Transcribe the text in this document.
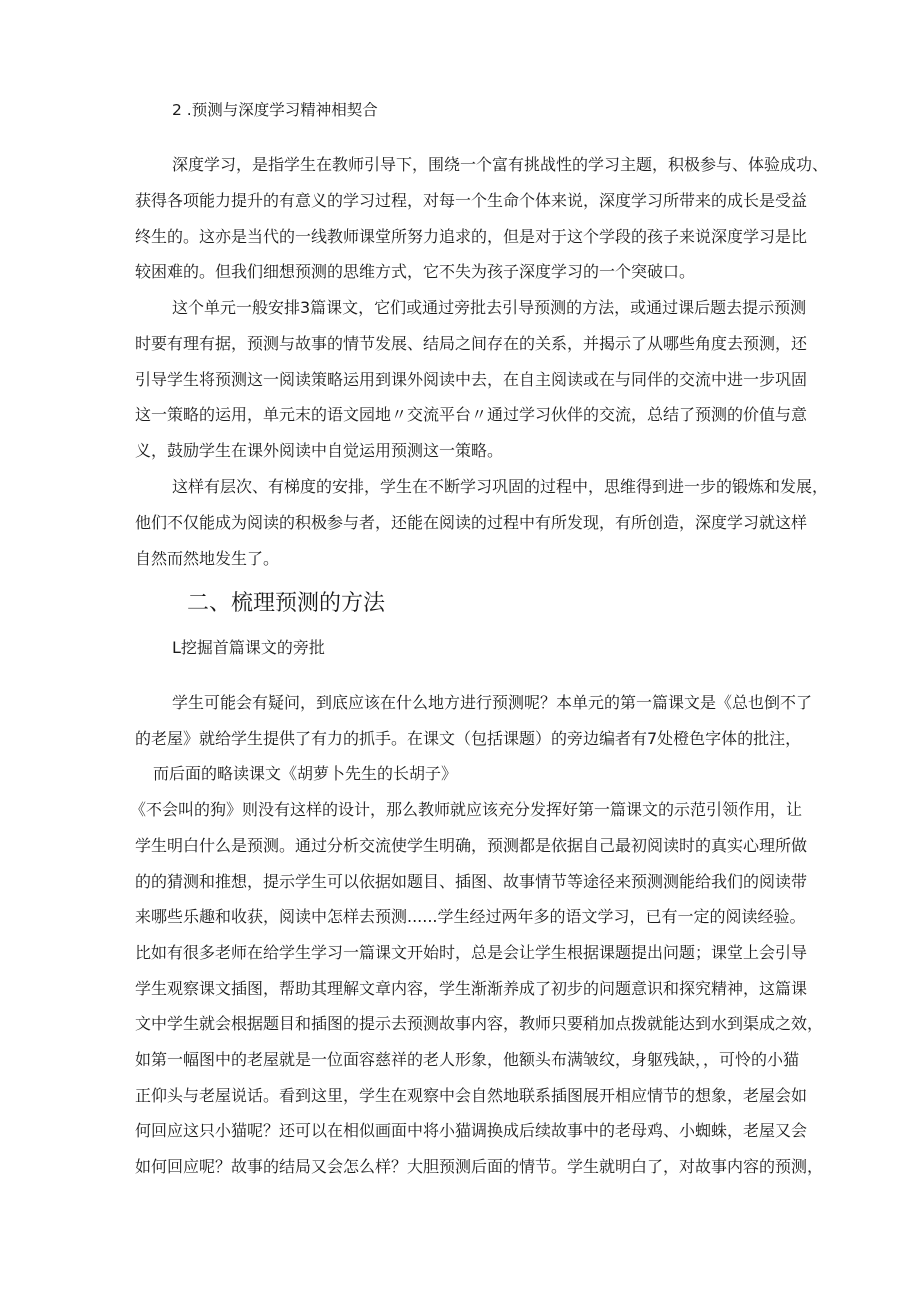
2 .预测与深度学习精神相契合
深度学习，是指学生在教师引导下，围绕一个富有挑战性的学习主题，积极参与、体验成功、
获得各项能力提升的有意义的学习过程，对每一个生命个体来说，深度学习所带来的成长是受益
终生的。这亦是当代的一线教师课堂所努力追求的，但是对于这个学段的孩子来说深度学习是比
较困难的。但我们细想预测的思维方式，它不失为孩子深度学习的一个突破口。
这个单元一般安排3篇课文，它们或通过旁批去引导预测的方法，或通过课后题去提示预测
时要有理有据，预测与故事的情节发展、结局之间存在的关系，并揭示了从哪些角度去预测，还
引导学生将预测这一阅读策略运用到课外阅读中去，在自主阅读或在与同伴的交流中进一步巩固
这一策略的运用，单元末的语文园地〃交流平台〃通过学习伙伴的交流，总结了预测的价值与意
义，鼓励学生在课外阅读中自觉运用预测这一策略。
这样有层次、有梯度的安排，学生在不断学习巩固的过程中，思维得到进一步的锻炼和发展，
他们不仅能成为阅读的积极参与者，还能在阅读的过程中有所发现，有所创造，深度学习就这样
自然而然地发生了。
二、梳理预测的方法
L挖掘首篇课文的旁批
学生可能会有疑问，到底应该在什么地方进行预测呢？本单元的第一篇课文是《总也倒不了
的老屋》就给学生提供了有力的抓手。在课文（包括课题）的旁边编者有7处橙色字体的批注，
而后面的略读课文《胡萝卜先生的长胡子》
《不会叫的狗》则没有这样的设计，那么教师就应该充分发挥好第一篇课文的示范引领作用，让
学生明白什么是预测。通过分析交流使学生明确，预测都是依据自己最初阅读时的真实心理所做
的的猜测和推想，提示学生可以依据如题目、插图、故事情节等途径来预测测能给我们的阅读带
来哪些乐趣和收获，阅读中怎样去预测......学生经过两年多的语文学习，已有一定的阅读经验。
比如有很多老师在给学生学习一篇课文开始时，总是会让学生根据课题提出问题；课堂上会引导
学生观察课文插图，帮助其理解文章内容，学生渐渐养成了初步的问题意识和探究精神，这篇课
文中学生就会根据题目和插图的提示去预测故事内容，教师只要稍加点拨就能达到水到渠成之效，
如第一幅图中的老屋就是一位面容慈祥的老人形象，他额头布满皱纹，身躯残缺，，可怜的小猫
正仰头与老屋说话。看到这里，学生在观察中会自然地联系插图展开相应情节的想象，老屋会如
何回应这只小猫呢？还可以在相似画面中将小猫调换成后续故事中的老母鸡、小蜘蛛，老屋又会
如何回应呢？故事的结局又会怎么样？大胆预测后面的情节。学生就明白了，对故事内容的预测，
